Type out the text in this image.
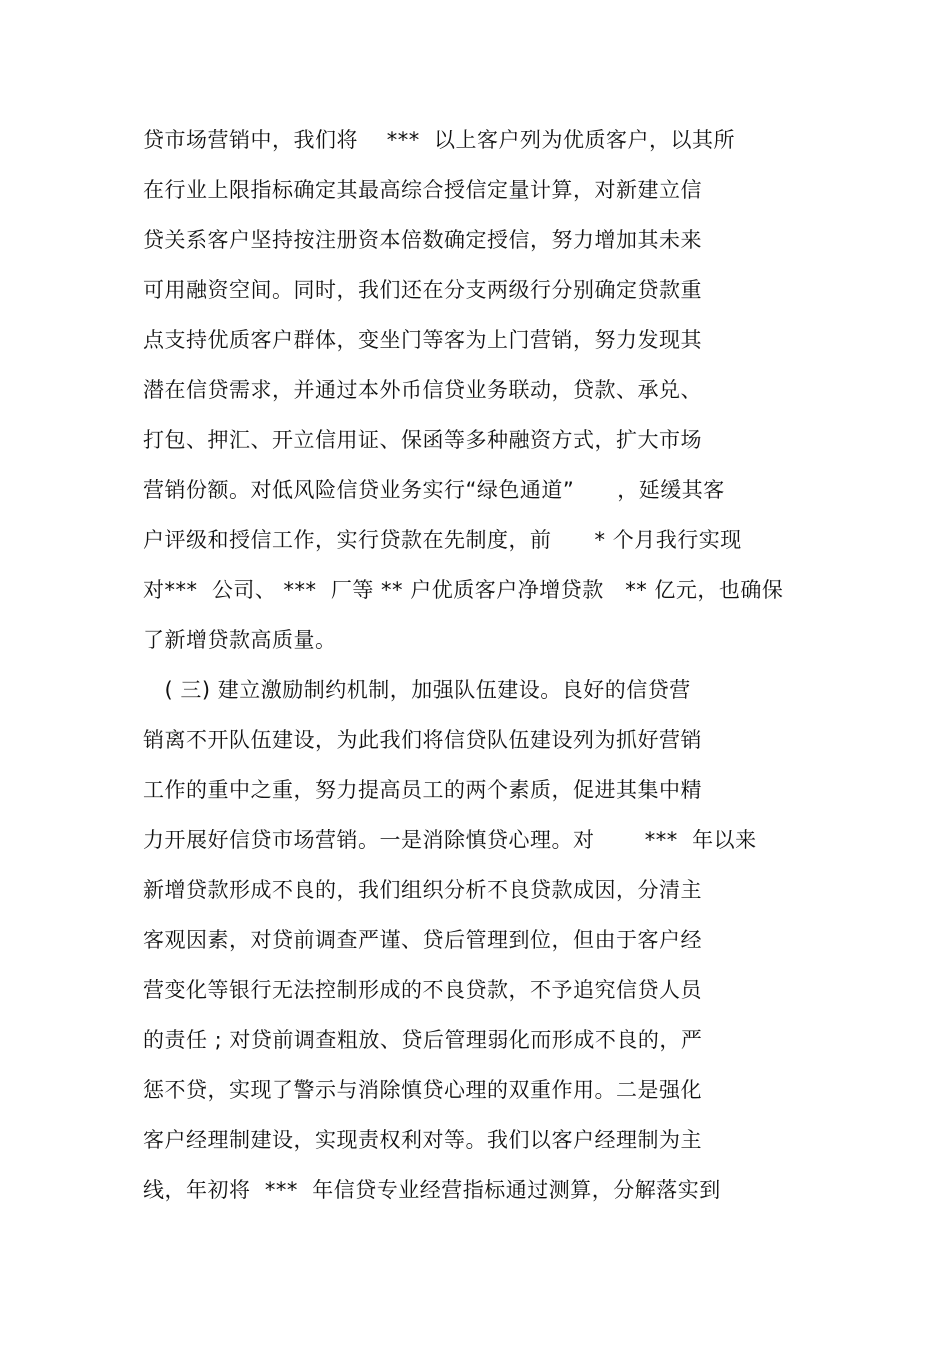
贷市场营销中，我们将    ***  以上客户列为优质客户，以其所
在行业上限指标确定其最高综合授信定量计算，对新建立信
贷关系客户坚持按注册资本倍数确定授信，努力增加其未来
可用融资空间。同时，我们还在分支两级行分别确定贷款重
点支持优质客户群体，变坐门等客为上门营销，努力发现其
潜在信贷需求，并通过本外币信贷业务联动，贷款、承兑、
打包、押汇、开立信用证、保函等多种融资方式，扩大市场
营销份额。对低风险信贷业务实行“绿色通道”      ，延缓其客
户评级和授信工作，实行贷款在先制度，前      * 个月我行实现
对***  公司、 ***  厂等 ** 户优质客户净增贷款   ** 亿元，也确保
了新增贷款高质量。
( 三) 建立激励制约机制，加强队伍建设。良好的信贷营
销离不开队伍建设，为此我们将信贷队伍建设列为抓好营销
工作的重中之重，努力提高员工的两个素质，促进其集中精
力开展好信贷市场营销。一是消除慎贷心理。对       ***  年以来
新增贷款形成不良的，我们组织分析不良贷款成因，分清主
客观因素，对贷前调查严谨、贷后管理到位，但由于客户经
营变化等银行无法控制形成的不良贷款，不予追究信贷人员
的责任 ; 对贷前调查粗放、贷后管理弱化而形成不良的，严
惩不贷，实现了警示与消除慎贷心理的双重作用。二是强化
客户经理制建设，实现责权利对等。我们以客户经理制为主
线，年初将  ***  年信贷专业经营指标通过测算，分解落实到
